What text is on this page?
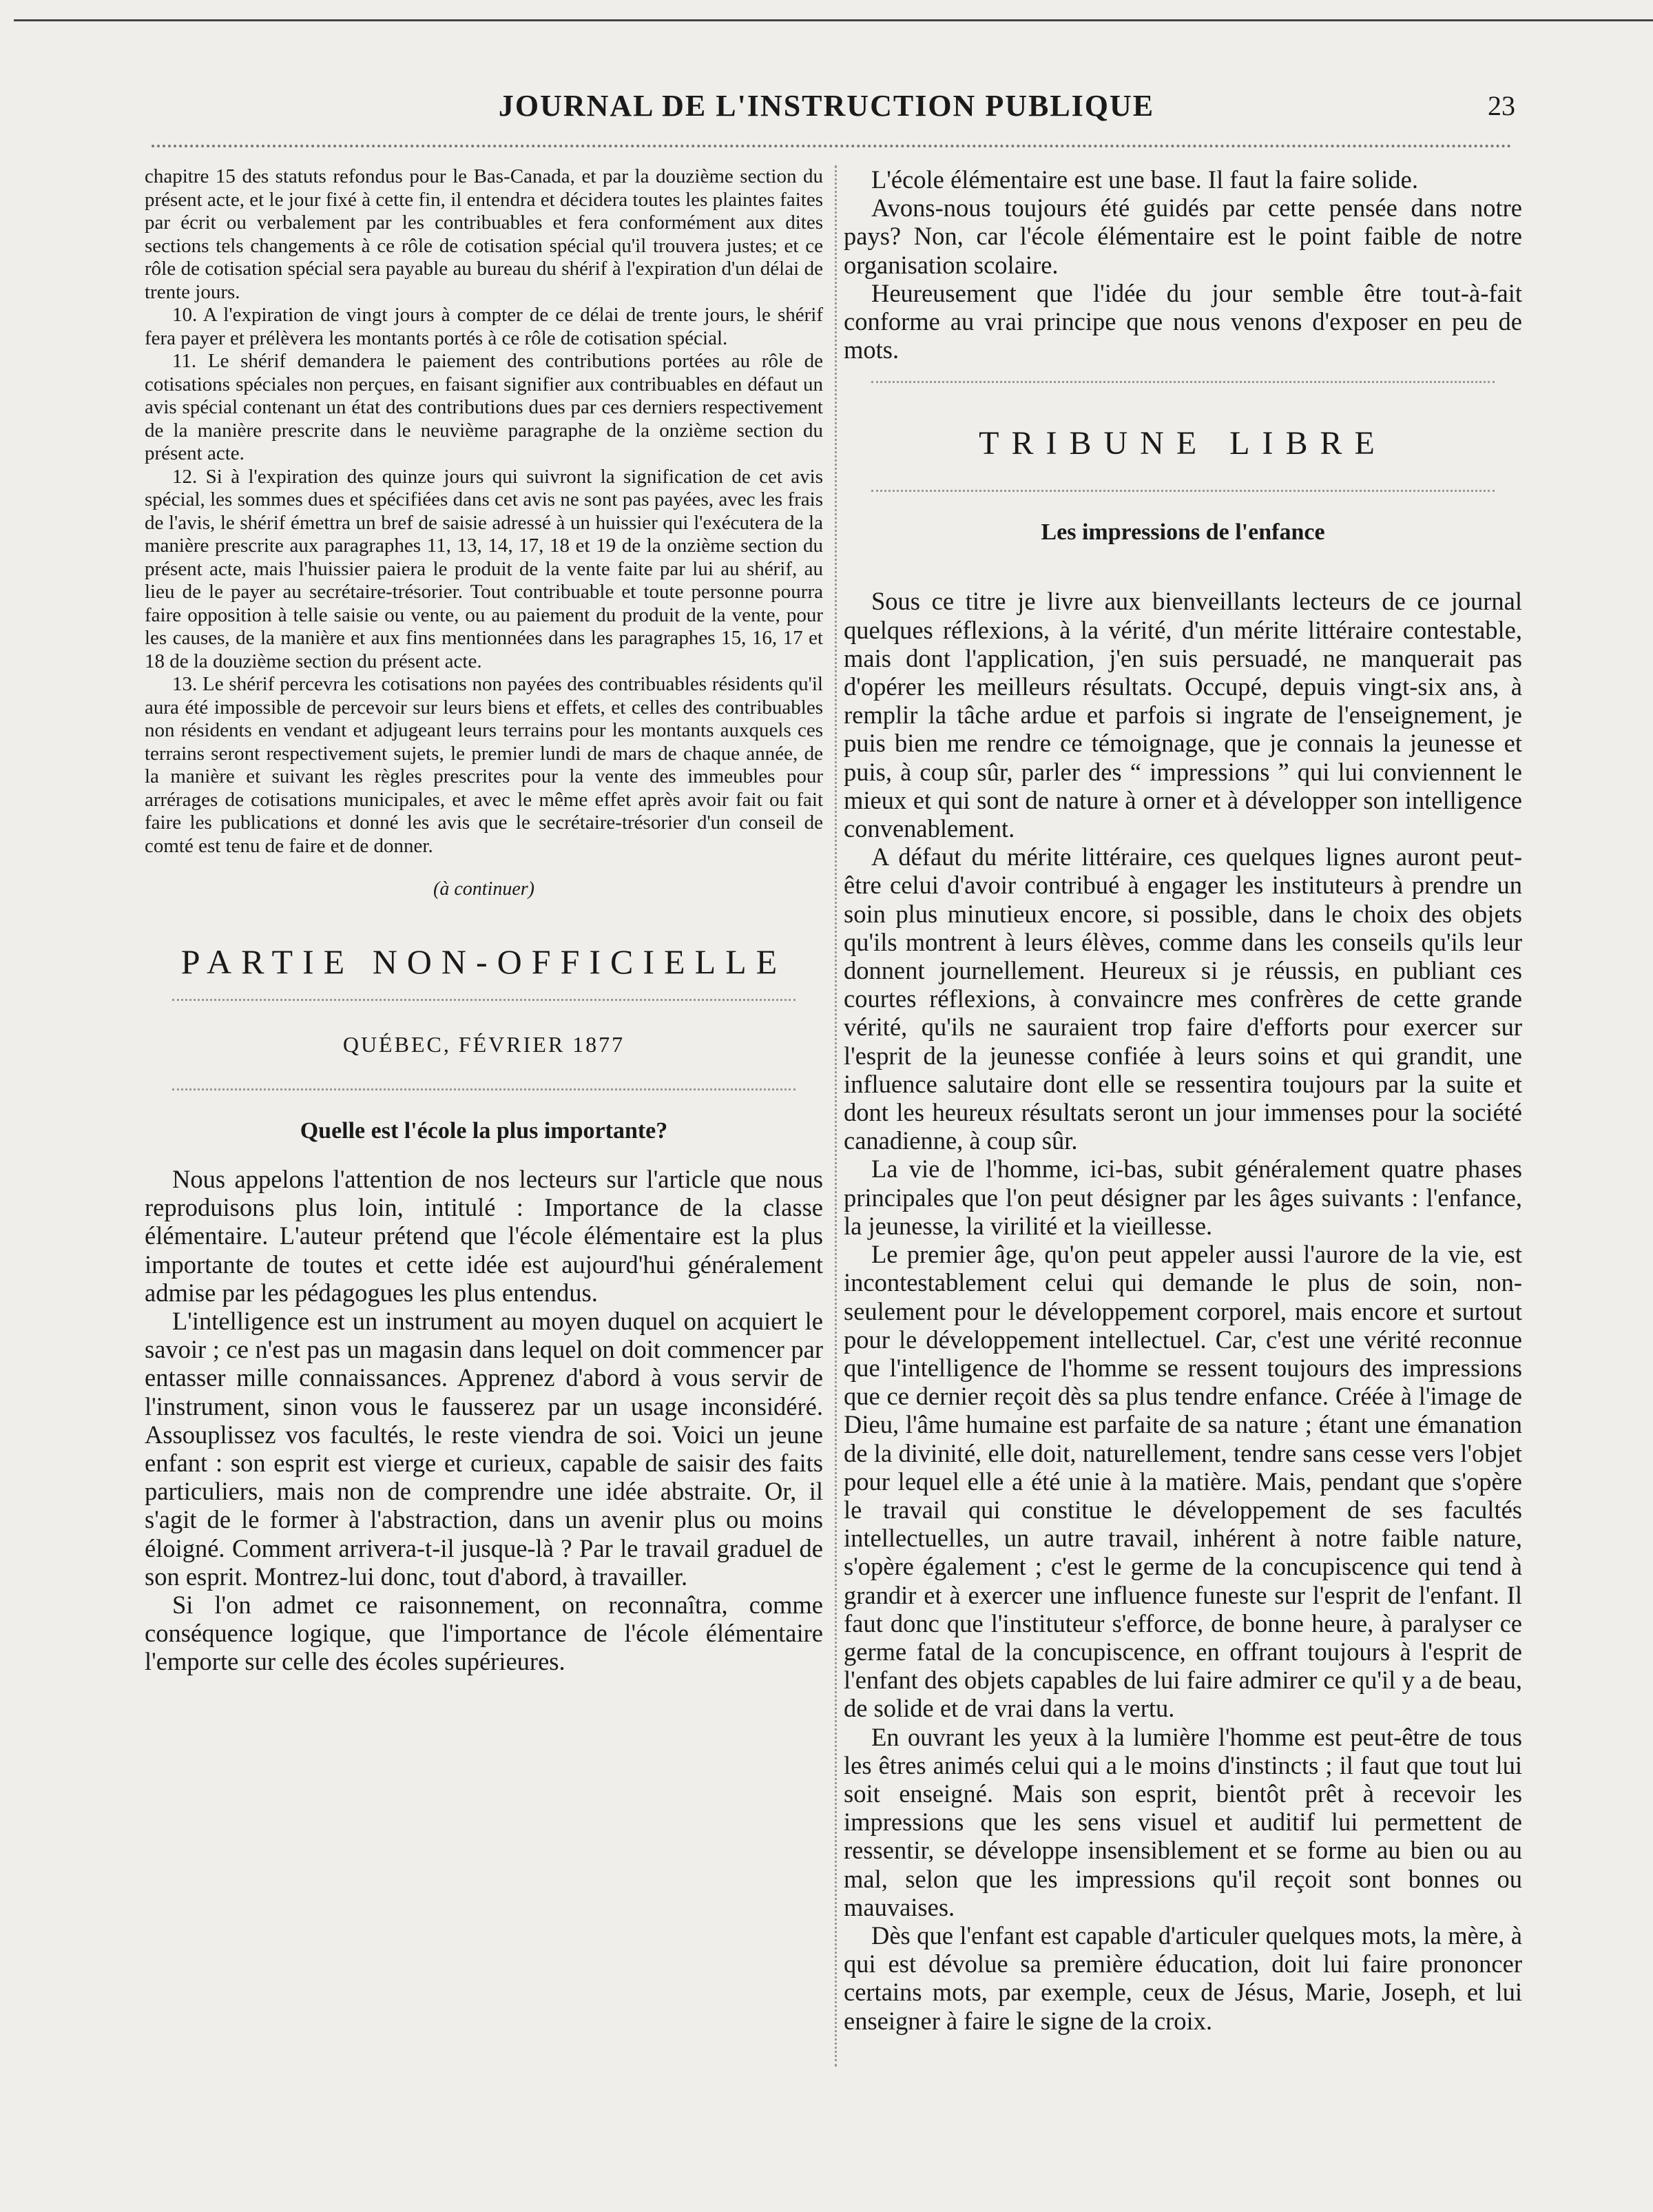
JOURNAL DE L'INSTRUCTION PUBLIQUE	23

chapitre 15 des statuts refondus pour le Bas-Canada, et par la douzième section du présent acte, et le jour fixé à cette fin, il entendra et décidera toutes les plaintes faites par écrit ou verbalement par les contribuables et fera conformément aux dites sections tels changements à ce rôle de cotisation spécial qu'il trouvera justes; et ce rôle de cotisation spécial sera payable au bureau du shérif à l'expiration d'un délai de trente jours.

10. A l'expiration de vingt jours à compter de ce délai de trente jours, le shérif fera payer et prélèvera les montants portés à ce rôle de cotisation spécial.

11. Le shérif demandera le paiement des contributions portées au rôle de cotisations spéciales non perçues, en faisant signifier aux contribuables en défaut un avis spécial contenant un état des contributions dues par ces derniers respectivement de la manière prescrite dans le neuvième paragraphe de la onzième section du présent acte.

12. Si à l'expiration des quinze jours qui suivront la signification de cet avis spécial, les sommes dues et spécifiées dans cet avis ne sont pas payées, avec les frais de l'avis, le shérif émettra un bref de saisie adressé à un huissier qui l'exécutera de la manière prescrite aux paragraphes 11, 13, 14, 17, 18 et 19 de la onzième section du présent acte, mais l'huissier paiera le produit de la vente faite par lui au shérif, au lieu de le payer au secrétaire-trésorier. Tout contribuable et toute personne pourra faire opposition à telle saisie ou vente, ou au paiement du produit de la vente, pour les causes, de la manière et aux fins mentionnées dans les paragraphes 15, 16, 17 et 18 de la douzième section du présent acte.

13. Le shérif percevra les cotisations non payées des contribuables résidents qu'il aura été impossible de percevoir sur leurs biens et effets, et celles des contribuables non résidents en vendant et adjugeant leurs terrains pour les montants auxquels ces terrains seront respectivement sujets, le premier lundi de mars de chaque année, de la manière et suivant les règles prescrites pour la vente des immeubles pour arrérages de cotisations municipales, et avec le même effet après avoir fait ou fait faire les publications et donné les avis que le secrétaire-trésorier d'un conseil de comté est tenu de faire et de donner.

(à continuer)
PARTIE NON-OFFICIELLE
QUÉBEC, FÉVRIER 1877
Quelle est l'école la plus importante?

Nous appelons l'attention de nos lecteurs sur l'article que nous reproduisons plus loin, intitulé : Importance de la classe élémentaire. L'auteur prétend que l'école élémentaire est la plus importante de toutes et cette idée est aujourd'hui généralement admise par les pédagogues les plus entendus.

L'intelligence est un instrument au moyen duquel on acquiert le savoir ; ce n'est pas un magasin dans lequel on doit commencer par entasser mille connaissances. Apprenez d'abord à vous servir de l'instrument, sinon vous le fausserez par un usage inconsidéré. Assouplissez vos facultés, le reste viendra de soi. Voici un jeune enfant : son esprit est vierge et curieux, capable de saisir des faits particuliers, mais non de comprendre une idée abstraite. Or, il s'agit de le former à l'abstraction, dans un avenir plus ou moins éloigné. Comment arrivera-t-il jusque-là ? Par le travail graduel de son esprit. Montrez-lui donc, tout d'abord, à travailler.

Si l'on admet ce raisonnement, on reconnaîtra, comme conséquence logique, que l'importance de l'école élémentaire l'emporte sur celle des écoles supérieures.

L'école élémentaire est une base. Il faut la faire solide.

Avons-nous toujours été guidés par cette pensée dans notre pays? Non, car l'école élémentaire est le point faible de notre organisation scolaire.

Heureusement que l'idée du jour semble être tout-à-fait conforme au vrai principe que nous venons d'exposer en peu de mots.

TRIBUNE LIBRE
Les impressions de l'enfance

Sous ce titre je livre aux bienveillants lecteurs de ce journal quelques réflexions, à la vérité, d'un mérite littéraire contestable, mais dont l'application, j'en suis persuadé, ne manquerait pas d'opérer les meilleurs résultats. Occupé, depuis vingt-six ans, à remplir la tâche ardue et parfois si ingrate de l'enseignement, je puis bien me rendre ce témoignage, que je connais la jeunesse et puis, à coup sûr, parler des “ impressions ” qui lui conviennent le mieux et qui sont de nature à orner et à développer son intelligence convenablement.

A défaut du mérite littéraire, ces quelques lignes auront peut-être celui d'avoir contribué à engager les instituteurs à prendre un soin plus minutieux encore, si possible, dans le choix des objets qu'ils montrent à leurs élèves, comme dans les conseils qu'ils leur donnent journellement. Heureux si je réussis, en publiant ces courtes réflexions, à convaincre mes confrères de cette grande vérité, qu'ils ne sauraient trop faire d'efforts pour exercer sur l'esprit de la jeunesse confiée à leurs soins et qui grandit, une influence salutaire dont elle se ressentira toujours par la suite et dont les heureux résultats seront un jour immenses pour la société canadienne, à coup sûr.

La vie de l'homme, ici-bas, subit généralement quatre phases principales que l'on peut désigner par les âges suivants : l'enfance, la jeunesse, la virilité et la vieillesse.

Le premier âge, qu'on peut appeler aussi l'aurore de la vie, est incontestablement celui qui demande le plus de soin, non-seulement pour le développement corporel, mais encore et surtout pour le développement intellectuel. Car, c'est une vérité reconnue que l'intelligence de l'homme se ressent toujours des impressions que ce dernier reçoit dès sa plus tendre enfance. Créée à l'image de Dieu, l'âme humaine est parfaite de sa nature ; étant une émanation de la divinité, elle doit, naturellement, tendre sans cesse vers l'objet pour lequel elle a été unie à la matière. Mais, pendant que s'opère le travail qui constitue le développement de ses facultés intellectuelles, un autre travail, inhérent à notre faible nature, s'opère également ; c'est le germe de la concupiscence qui tend à grandir et à exercer une influence funeste sur l'esprit de l'enfant. Il faut donc que l'instituteur s'efforce, de bonne heure, à paralyser ce germe fatal de la concupiscence, en offrant toujours à l'esprit de l'enfant des objets capables de lui faire admirer ce qu'il y a de beau, de solide et de vrai dans la vertu.

En ouvrant les yeux à la lumière l'homme est peut-être de tous les êtres animés celui qui a le moins d'instincts ; il faut que tout lui soit enseigné. Mais son esprit, bientôt prêt à recevoir les impressions que les sens visuel et auditif lui permettent de ressentir, se développe insensiblement et se forme au bien ou au mal, selon que les impressions qu'il reçoit sont bonnes ou mauvaises.

Dès que l'enfant est capable d'articuler quelques mots, la mère, à qui est dévolue sa première éducation, doit lui faire prononcer certains mots, par exemple, ceux de Jésus, Marie, Joseph, et lui enseigner à faire le signe de la croix.
